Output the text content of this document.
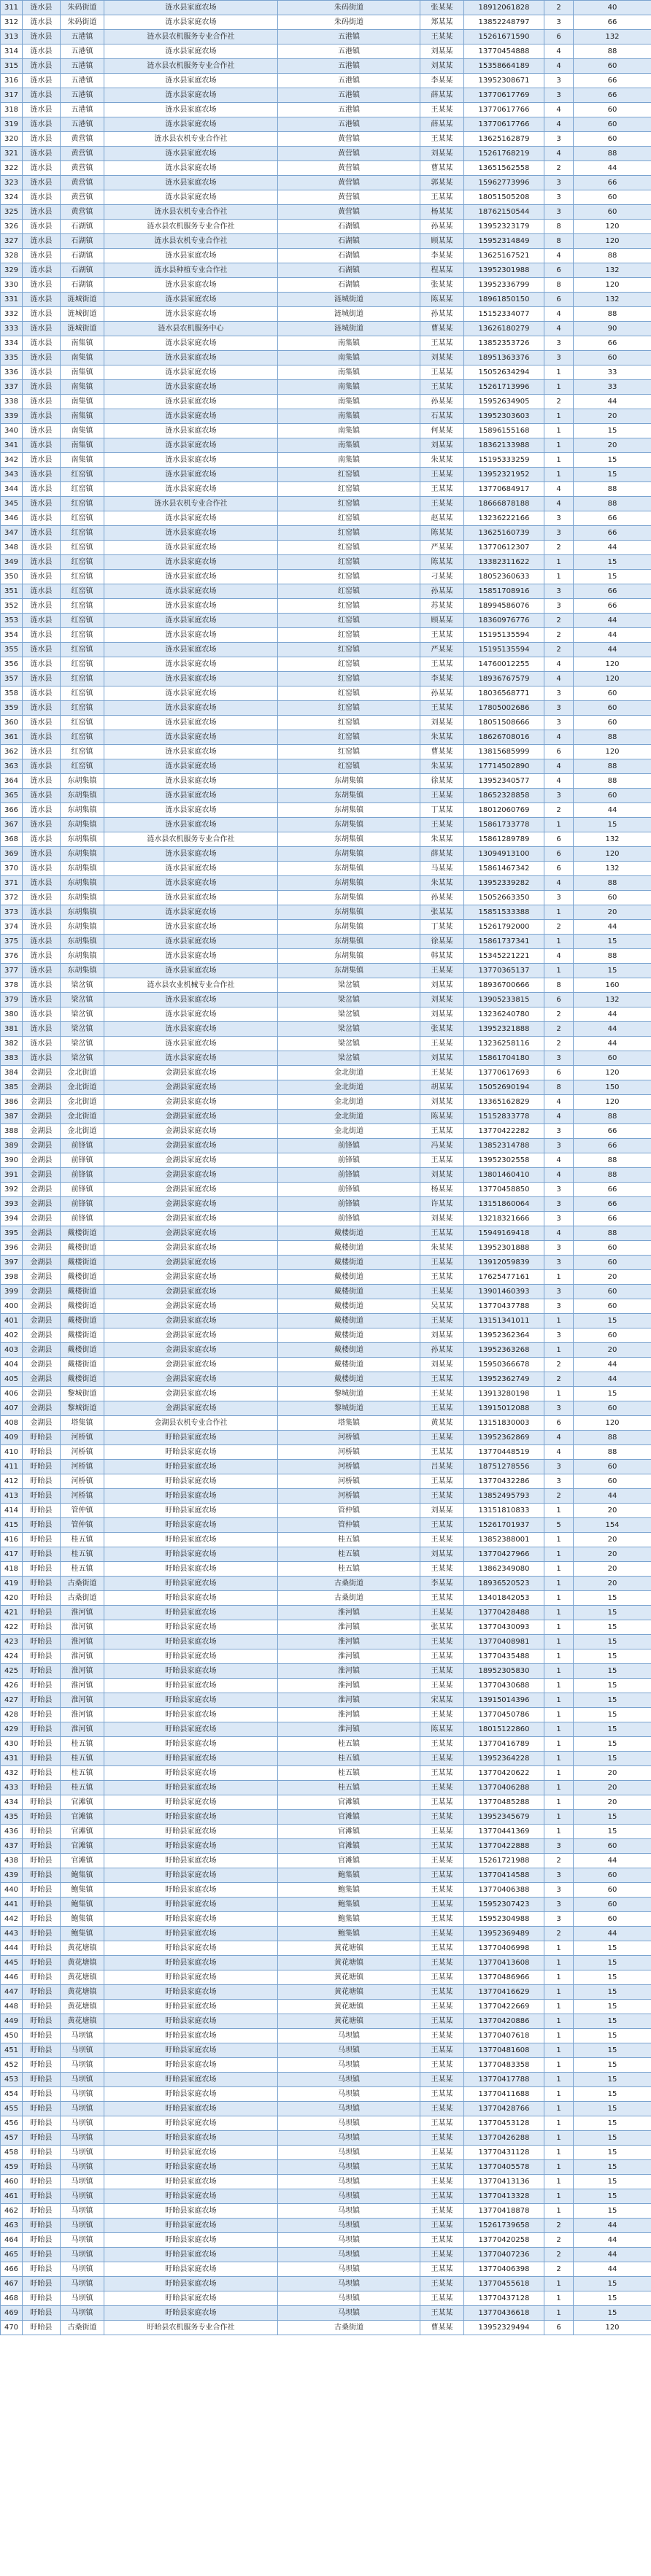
311	涟水县	朱码街道	涟水县家庭农场	朱码街道	张某某	18912061828	2	40
312	涟水县	朱码街道	涟水县家庭农场	朱码街道	郑某某	13852248797	3	66
313	涟水县	五港镇	涟水县农机服务专业合作社	五港镇	王某某	15261671590	6	132
314	涟水县	五港镇	涟水县家庭农场	五港镇	刘某某	13770454888	4	88
315	涟水县	五港镇	涟水县农机服务专业合作社	五港镇	刘某某	15358664189	4	60
316	涟水县	五港镇	涟水县家庭农场	五港镇	李某某	13952308671	3	66
317	涟水县	五港镇	涟水县家庭农场	五港镇	薛某某	13770617769	3	66
318	涟水县	五港镇	涟水县家庭农场	五港镇	王某某	13770617766	4	60
319	涟水县	五港镇	涟水县家庭农场	五港镇	薛某某	13770617766	4	60
320	涟水县	黄营镇	涟水县农机专业合作社	黄营镇	王某某	13625162879	3	60
321	涟水县	黄营镇	涟水县家庭农场	黄营镇	刘某某	15261768219	4	88
322	涟水县	黄营镇	涟水县家庭农场	黄营镇	曹某某	13651562558	2	44
323	涟水县	黄营镇	涟水县家庭农场	黄营镇	郭某某	15962773996	3	66
324	涟水县	黄营镇	涟水县家庭农场	黄营镇	王某某	18051505208	3	60
325	涟水县	黄营镇	涟水县农机专业合作社	黄营镇	杨某某	18762150544	3	60
326	涟水县	石湖镇	涟水县农机服务专业合作社	石湖镇	孙某某	13952323179	8	120
327	涟水县	石湖镇	涟水县农机专业合作社	石湖镇	顾某某	15952314849	8	120
328	涟水县	石湖镇	涟水县家庭农场	石湖镇	李某某	13625167521	4	88
329	涟水县	石湖镇	涟水县种植专业合作社	石湖镇	程某某	13952301988	6	132
330	涟水县	石湖镇	涟水县家庭农场	石湖镇	张某某	13952336799	8	120
331	涟水县	涟城街道	涟水县家庭农场	涟城街道	陈某某	18961850150	6	132
332	涟水县	涟城街道	涟水县家庭农场	涟城街道	孙某某	15152334077	4	88
333	涟水县	涟城街道	涟水县农机服务中心	涟城街道	曹某某	13626180279	4	90
334	涟水县	南集镇	涟水县家庭农场	南集镇	王某某	13852353726	3	66
335	涟水县	南集镇	涟水县家庭农场	南集镇	刘某某	18951363376	3	60
336	涟水县	南集镇	涟水县家庭农场	南集镇	王某某	15052634294	1	33
337	涟水县	南集镇	涟水县家庭农场	南集镇	王某某	15261713996	1	33
338	涟水县	南集镇	涟水县家庭农场	南集镇	孙某某	15952634905	2	44
339	涟水县	南集镇	涟水县家庭农场	南集镇	石某某	13952303603	1	20
340	涟水县	南集镇	涟水县家庭农场	南集镇	何某某	15896155168	1	15
341	涟水县	南集镇	涟水县家庭农场	南集镇	刘某某	18362133988	1	20
342	涟水县	南集镇	涟水县家庭农场	南集镇	朱某某	15195333259	1	15
343	涟水县	红窑镇	涟水县家庭农场	红窑镇	王某某	13952321952	1	15
344	涟水县	红窑镇	涟水县家庭农场	红窑镇	王某某	13770684917	4	88
345	涟水县	红窑镇	涟水县农机专业合作社	红窑镇	王某某	18666878188	4	88
346	涟水县	红窑镇	涟水县家庭农场	红窑镇	赵某某	13236222166	3	66
347	涟水县	红窑镇	涟水县家庭农场	红窑镇	陈某某	13625160739	3	66
348	涟水县	红窑镇	涟水县家庭农场	红窑镇	严某某	13770612307	2	44
349	涟水县	红窑镇	涟水县家庭农场	红窑镇	陈某某	13382311622	1	15
350	涟水县	红窑镇	涟水县家庭农场	红窑镇	刁某某	18052360633	1	15
351	涟水县	红窑镇	涟水县家庭农场	红窑镇	孙某某	15851708916	3	66
352	涟水县	红窑镇	涟水县家庭农场	红窑镇	苏某某	18994586076	3	66
353	涟水县	红窑镇	涟水县家庭农场	红窑镇	顾某某	18360976776	2	44
354	涟水县	红窑镇	涟水县家庭农场	红窑镇	王某某	15195135594	2	44
355	涟水县	红窑镇	涟水县家庭农场	红窑镇	严某某	15195135594	2	44
356	涟水县	红窑镇	涟水县家庭农场	红窑镇	王某某	14760012255	4	120
357	涟水县	红窑镇	涟水县家庭农场	红窑镇	李某某	18936767579	4	120
358	涟水县	红窑镇	涟水县家庭农场	红窑镇	孙某某	18036568771	3	60
359	涟水县	红窑镇	涟水县家庭农场	红窑镇	王某某	17805002686	3	60
360	涟水县	红窑镇	涟水县家庭农场	红窑镇	刘某某	18051508666	3	60
361	涟水县	红窑镇	涟水县家庭农场	红窑镇	朱某某	18626708016	4	88
362	涟水县	红窑镇	涟水县家庭农场	红窑镇	曹某某	13815685999	6	120
363	涟水县	红窑镇	涟水县家庭农场	红窑镇	朱某某	17714502890	4	88
364	涟水县	东胡集镇	涟水县家庭农场	东胡集镇	徐某某	13952340577	4	88
365	涟水县	东胡集镇	涟水县家庭农场	东胡集镇	王某某	18652328858	3	60
366	涟水县	东胡集镇	涟水县家庭农场	东胡集镇	丁某某	18012060769	2	44
367	涟水县	东胡集镇	涟水县家庭农场	东胡集镇	王某某	15861733778	1	15
368	涟水县	东胡集镇	涟水县农机服务专业合作社	东胡集镇	朱某某	15861289789	6	132
369	涟水县	东胡集镇	涟水县家庭农场	东胡集镇	薛某某	13094913100	6	120
370	涟水县	东胡集镇	涟水县家庭农场	东胡集镇	马某某	15861467342	6	132
371	涟水县	东胡集镇	涟水县家庭农场	东胡集镇	朱某某	13952339282	4	88
372	涟水县	东胡集镇	涟水县家庭农场	东胡集镇	孙某某	15052663350	3	60
373	涟水县	东胡集镇	涟水县家庭农场	东胡集镇	张某某	15851533388	1	20
374	涟水县	东胡集镇	涟水县家庭农场	东胡集镇	丁某某	15261792000	2	44
375	涟水县	东胡集镇	涟水县家庭农场	东胡集镇	徐某某	15861737341	1	15
376	涟水县	东胡集镇	涟水县家庭农场	东胡集镇	韩某某	15345221221	4	88
377	涟水县	东胡集镇	涟水县家庭农场	东胡集镇	王某某	13770365137	1	15
378	涟水县	梁岔镇	涟水县农业机械专业合作社	梁岔镇	刘某某	18936700666	8	160
379	涟水县	梁岔镇	涟水县家庭农场	梁岔镇	刘某某	13905233815	6	132
380	涟水县	梁岔镇	涟水县家庭农场	梁岔镇	刘某某	13236240780	2	44
381	涟水县	梁岔镇	涟水县家庭农场	梁岔镇	张某某	13952321888	2	44
382	涟水县	梁岔镇	涟水县家庭农场	梁岔镇	王某某	13236258116	2	44
383	涟水县	梁岔镇	涟水县家庭农场	梁岔镇	刘某某	15861704180	3	60
384	金湖县	金北街道	金湖县家庭农场	金北街道	王某某	13770617693	6	120
385	金湖县	金北街道	金湖县家庭农场	金北街道	胡某某	15052690194	8	150
386	金湖县	金北街道	金湖县家庭农场	金北街道	刘某某	13365162829	4	120
387	金湖县	金北街道	金湖县家庭农场	金北街道	陈某某	15152833778	4	88
388	金湖县	金北街道	金湖县家庭农场	金北街道	王某某	13770422282	3	66
389	金湖县	前锋镇	金湖县家庭农场	前锋镇	冯某某	13852314788	3	66
390	金湖县	前锋镇	金湖县家庭农场	前锋镇	王某某	13952302558	4	88
391	金湖县	前锋镇	金湖县家庭农场	前锋镇	刘某某	13801460410	4	88
392	金湖县	前锋镇	金湖县家庭农场	前锋镇	杨某某	13770458850	3	66
393	金湖县	前锋镇	金湖县家庭农场	前锋镇	许某某	13151860064	3	66
394	金湖县	前锋镇	金湖县家庭农场	前锋镇	刘某某	13218321666	3	66
395	金湖县	戴楼街道	金湖县家庭农场	戴楼街道	王某某	15949169418	4	88
396	金湖县	戴楼街道	金湖县家庭农场	戴楼街道	朱某某	13952301888	3	60
397	金湖县	戴楼街道	金湖县家庭农场	戴楼街道	王某某	13912059839	3	60
398	金湖县	戴楼街道	金湖县家庭农场	戴楼街道	王某某	17625477161	1	20
399	金湖县	戴楼街道	金湖县家庭农场	戴楼街道	王某某	13901460393	3	60
400	金湖县	戴楼街道	金湖县家庭农场	戴楼街道	吴某某	13770437788	3	60
401	金湖县	戴楼街道	金湖县家庭农场	戴楼街道	王某某	13151341011	1	15
402	金湖县	戴楼街道	金湖县家庭农场	戴楼街道	刘某某	13952362364	3	60
403	金湖县	戴楼街道	金湖县家庭农场	戴楼街道	孙某某	13952363268	1	20
404	金湖县	戴楼街道	金湖县家庭农场	戴楼街道	刘某某	15950366678	2	44
405	金湖县	戴楼街道	金湖县家庭农场	戴楼街道	王某某	13952362749	2	44
406	金湖县	黎城街道	金湖县家庭农场	黎城街道	王某某	13913280198	1	15
407	金湖县	黎城街道	金湖县家庭农场	黎城街道	王某某	13915012088	3	60
408	金湖县	塔集镇	金湖县农机专业合作社	塔集镇	黄某某	13151830003	6	120
409	盱眙县	河桥镇	盱眙县家庭农场	河桥镇	王某某	13952362869	4	88
410	盱眙县	河桥镇	盱眙县家庭农场	河桥镇	王某某	13770448519	4	88
411	盱眙县	河桥镇	盱眙县家庭农场	河桥镇	吕某某	18751278556	3	60
412	盱眙县	河桥镇	盱眙县家庭农场	河桥镇	王某某	13770432286	3	60
413	盱眙县	河桥镇	盱眙县家庭农场	河桥镇	王某某	13852495793	2	44
414	盱眙县	管仲镇	盱眙县家庭农场	管仲镇	刘某某	13151810833	1	20
415	盱眙县	管仲镇	盱眙县家庭农场	管仲镇	王某某	15261701937	5	154
416	盱眙县	桂五镇	盱眙县家庭农场	桂五镇	王某某	13852388001	1	20
417	盱眙县	桂五镇	盱眙县家庭农场	桂五镇	刘某某	13770427966	1	20
418	盱眙县	桂五镇	盱眙县家庭农场	桂五镇	王某某	13862349080	1	20
419	盱眙县	古桑街道	盱眙县家庭农场	古桑街道	李某某	18936520523	1	20
420	盱眙县	古桑街道	盱眙县家庭农场	古桑街道	王某某	13401842053	1	15
421	盱眙县	淮河镇	盱眙县家庭农场	淮河镇	王某某	13770428488	1	15
422	盱眙县	淮河镇	盱眙县家庭农场	淮河镇	张某某	13770430093	1	15
423	盱眙县	淮河镇	盱眙县家庭农场	淮河镇	王某某	13770408981	1	15
424	盱眙县	淮河镇	盱眙县家庭农场	淮河镇	王某某	13770435488	1	15
425	盱眙县	淮河镇	盱眙县家庭农场	淮河镇	王某某	18952305830	1	15
426	盱眙县	淮河镇	盱眙县家庭农场	淮河镇	王某某	13770430688	1	15
427	盱眙县	淮河镇	盱眙县家庭农场	淮河镇	宋某某	13915014396	1	15
428	盱眙县	淮河镇	盱眙县家庭农场	淮河镇	王某某	13770450786	1	15
429	盱眙县	淮河镇	盱眙县家庭农场	淮河镇	陈某某	18015122860	1	15
430	盱眙县	桂五镇	盱眙县家庭农场	桂五镇	王某某	13770416789	1	15
431	盱眙县	桂五镇	盱眙县家庭农场	桂五镇	王某某	13952364228	1	15
432	盱眙县	桂五镇	盱眙县家庭农场	桂五镇	王某某	13770420622	1	20
433	盱眙县	桂五镇	盱眙县家庭农场	桂五镇	王某某	13770406288	1	20
434	盱眙县	官滩镇	盱眙县家庭农场	官滩镇	王某某	13770485288	1	20
435	盱眙县	官滩镇	盱眙县家庭农场	官滩镇	王某某	13952345679	1	15
436	盱眙县	官滩镇	盱眙县家庭农场	官滩镇	王某某	13770441369	1	15
437	盱眙县	官滩镇	盱眙县家庭农场	官滩镇	王某某	13770422888	3	60
438	盱眙县	官滩镇	盱眙县家庭农场	官滩镇	王某某	15261721988	2	44
439	盱眙县	鲍集镇	盱眙县家庭农场	鲍集镇	王某某	13770414588	3	60
440	盱眙县	鲍集镇	盱眙县家庭农场	鲍集镇	王某某	13770406388	3	60
441	盱眙县	鲍集镇	盱眙县家庭农场	鲍集镇	王某某	15952307423	3	60
442	盱眙县	鲍集镇	盱眙县家庭农场	鲍集镇	王某某	15952304988	3	60
443	盱眙县	鲍集镇	盱眙县家庭农场	鲍集镇	王某某	13952369489	2	44
444	盱眙县	黄花塘镇	盱眙县家庭农场	黄花塘镇	王某某	13770406998	1	15
445	盱眙县	黄花塘镇	盱眙县家庭农场	黄花塘镇	王某某	13770413608	1	15
446	盱眙县	黄花塘镇	盱眙县家庭农场	黄花塘镇	王某某	13770486966	1	15
447	盱眙县	黄花塘镇	盱眙县家庭农场	黄花塘镇	王某某	13770416629	1	15
448	盱眙县	黄花塘镇	盱眙县家庭农场	黄花塘镇	王某某	13770422669	1	15
449	盱眙县	黄花塘镇	盱眙县家庭农场	黄花塘镇	王某某	13770420886	1	15
450	盱眙县	马坝镇	盱眙县家庭农场	马坝镇	王某某	13770407618	1	15
451	盱眙县	马坝镇	盱眙县家庭农场	马坝镇	王某某	13770481608	1	15
452	盱眙县	马坝镇	盱眙县家庭农场	马坝镇	王某某	13770483358	1	15
453	盱眙县	马坝镇	盱眙县家庭农场	马坝镇	王某某	13770417788	1	15
454	盱眙县	马坝镇	盱眙县家庭农场	马坝镇	王某某	13770411688	1	15
455	盱眙县	马坝镇	盱眙县家庭农场	马坝镇	王某某	13770428766	1	15
456	盱眙县	马坝镇	盱眙县家庭农场	马坝镇	王某某	13770453128	1	15
457	盱眙县	马坝镇	盱眙县家庭农场	马坝镇	王某某	13770426288	1	15
458	盱眙县	马坝镇	盱眙县家庭农场	马坝镇	王某某	13770431128	1	15
459	盱眙县	马坝镇	盱眙县家庭农场	马坝镇	王某某	13770405578	1	15
460	盱眙县	马坝镇	盱眙县家庭农场	马坝镇	王某某	13770413136	1	15
461	盱眙县	马坝镇	盱眙县家庭农场	马坝镇	王某某	13770413328	1	15
462	盱眙县	马坝镇	盱眙县家庭农场	马坝镇	王某某	13770418878	1	15
463	盱眙县	马坝镇	盱眙县家庭农场	马坝镇	王某某	15261739658	2	44
464	盱眙县	马坝镇	盱眙县家庭农场	马坝镇	王某某	13770420258	2	44
465	盱眙县	马坝镇	盱眙县家庭农场	马坝镇	王某某	13770407236	2	44
466	盱眙县	马坝镇	盱眙县家庭农场	马坝镇	王某某	13770406398	2	44
467	盱眙县	马坝镇	盱眙县家庭农场	马坝镇	王某某	13770455618	1	15
468	盱眙县	马坝镇	盱眙县家庭农场	马坝镇	王某某	13770437128	1	15
469	盱眙县	马坝镇	盱眙县家庭农场	马坝镇	王某某	13770436618	1	15
470	盱眙县	古桑街道	盱眙县农机服务专业合作社	古桑街道	曹某某	13952329494	6	120
